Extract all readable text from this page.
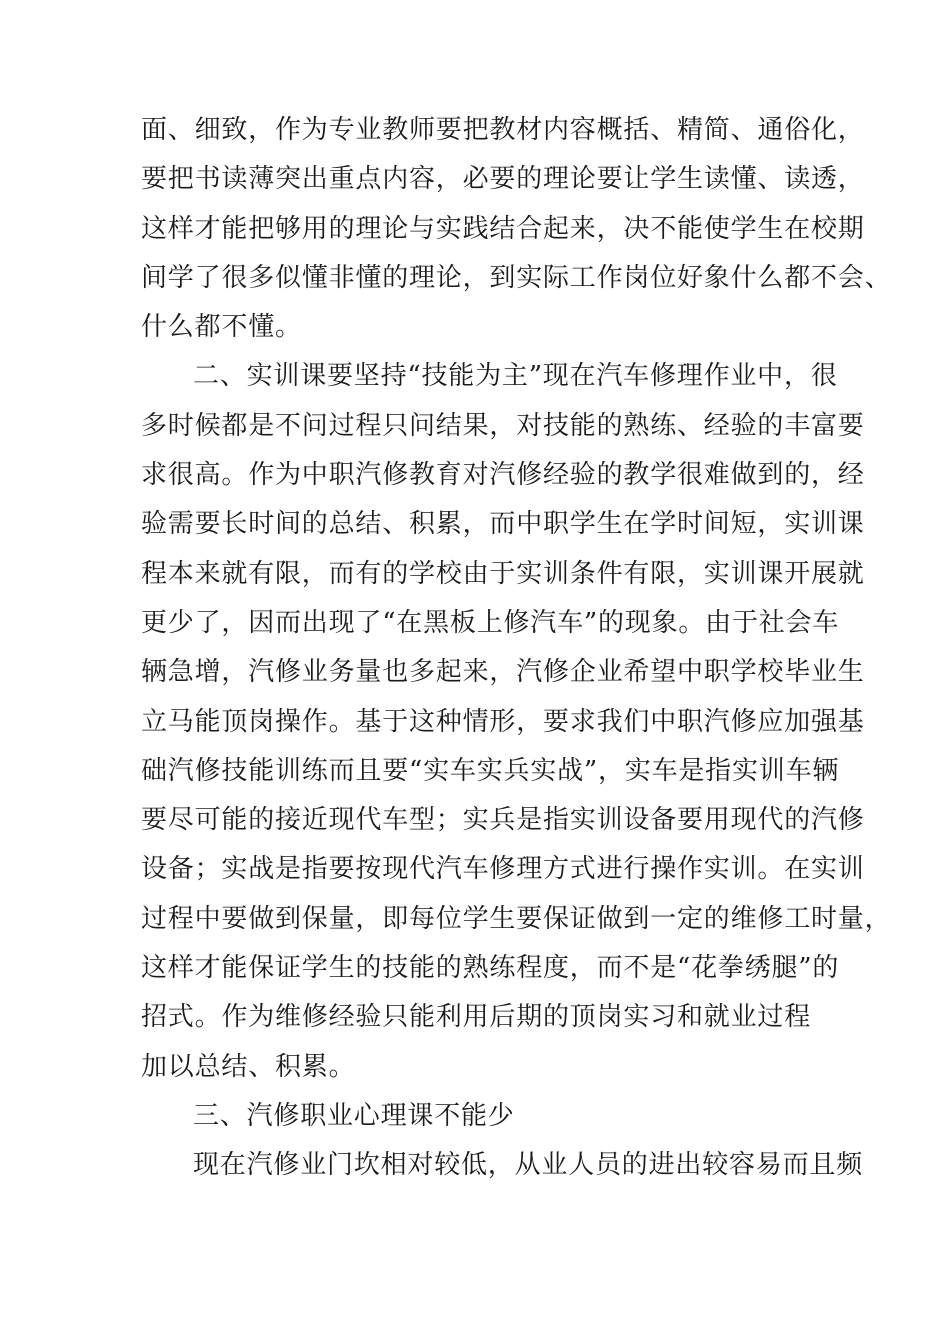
面、细致，作为专业教师要把教材内容概括、精简、通俗化，
要把书读薄突出重点内容，必要的理论要让学生读懂、读透，
这样才能把够用的理论与实践结合起来，决不能使学生在校期
间学了很多似懂非懂的理论，到实际工作岗位好象什么都不会、
什么都不懂。
二、实训课要坚持“技能为主”现在汽车修理作业中，很
多时候都是不问过程只问结果，对技能的熟练、经验的丰富要
求很高。作为中职汽修教育对汽修经验的教学很难做到的，经
验需要长时间的总结、积累，而中职学生在学时间短，实训课
程本来就有限，而有的学校由于实训条件有限，实训课开展就
更少了，因而出现了“在黑板上修汽车”的现象。由于社会车
辆急增，汽修业务量也多起来，汽修企业希望中职学校毕业生
立马能顶岗操作。基于这种情形，要求我们中职汽修应加强基
础汽修技能训练而且要“实车实兵实战”，实车是指实训车辆
要尽可能的接近现代车型；实兵是指实训设备要用现代的汽修
设备；实战是指要按现代汽车修理方式进行操作实训。在实训
过程中要做到保量，即每位学生要保证做到一定的维修工时量，
这样才能保证学生的技能的熟练程度，而不是“花拳绣腿”的
招式。作为维修经验只能利用后期的顶岗实习和就业过程
加以总结、积累。
三、汽修职业心理课不能少
现在汽修业门坎相对较低，从业人员的进出较容易而且频
